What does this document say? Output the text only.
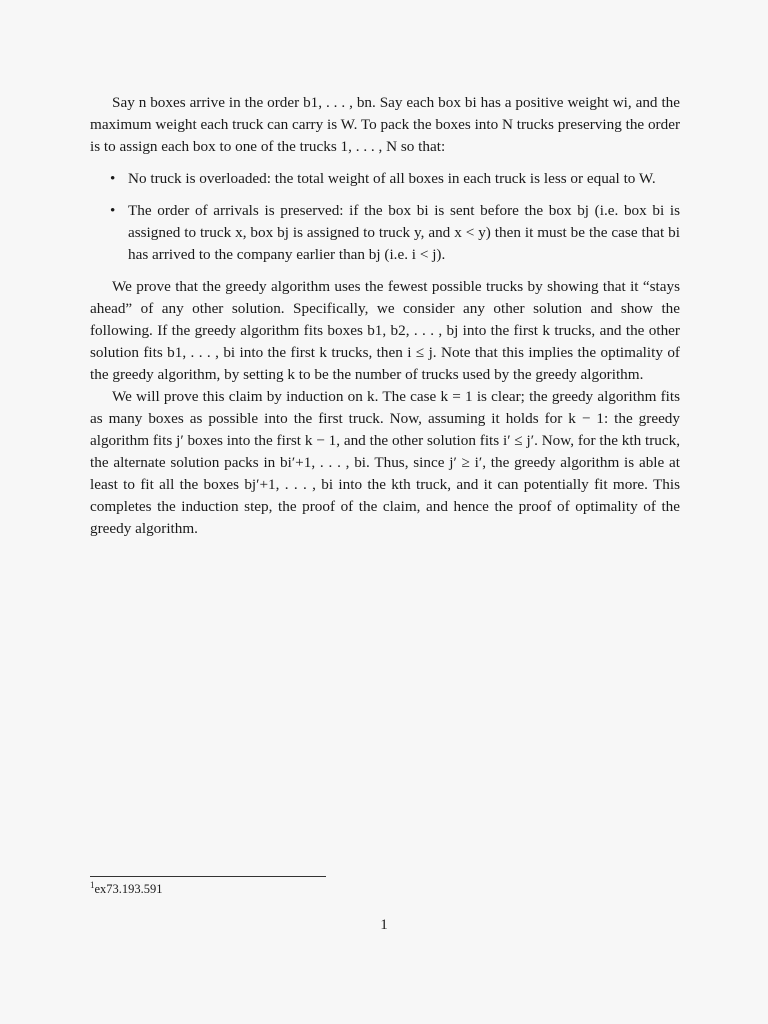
Say n boxes arrive in the order b1, . . . , bn. Say each box bi has a positive weight wi, and the maximum weight each truck can carry is W. To pack the boxes into N trucks preserving the order is to assign each box to one of the trucks 1, . . . , N so that:

• No truck is overloaded: the total weight of all boxes in each truck is less or equal to W.
• The order of arrivals is preserved: if the box bi is sent before the box bj (i.e. box bi is assigned to truck x, box bj is assigned to truck y, and x < y) then it must be the case that bi has arrived to the company earlier than bj (i.e. i < j).

We prove that the greedy algorithm uses the fewest possible trucks by showing that it “stays ahead” of any other solution. Specifically, we consider any other solution and show the following. If the greedy algorithm fits boxes b1, b2, . . . , bj into the first k trucks, and the other solution fits b1, . . . , bi into the first k trucks, then i ≤ j. Note that this implies the optimality of the greedy algorithm, by setting k to be the number of trucks used by the greedy algorithm.

We will prove this claim by induction on k. The case k = 1 is clear; the greedy algorithm fits as many boxes as possible into the first truck. Now, assuming it holds for k − 1: the greedy algorithm fits j′ boxes into the first k − 1, and the other solution fits i′ ≤ j′. Now, for the kth truck, the alternate solution packs in bi′+1, . . . , bi. Thus, since j′ ≥ i′, the greedy algorithm is able at least to fit all the boxes bj′+1, . . . , bi into the kth truck, and it can potentially fit more. This completes the induction step, the proof of the claim, and hence the proof of optimality of the greedy algorithm.

$^1$ex73.193.591
1
